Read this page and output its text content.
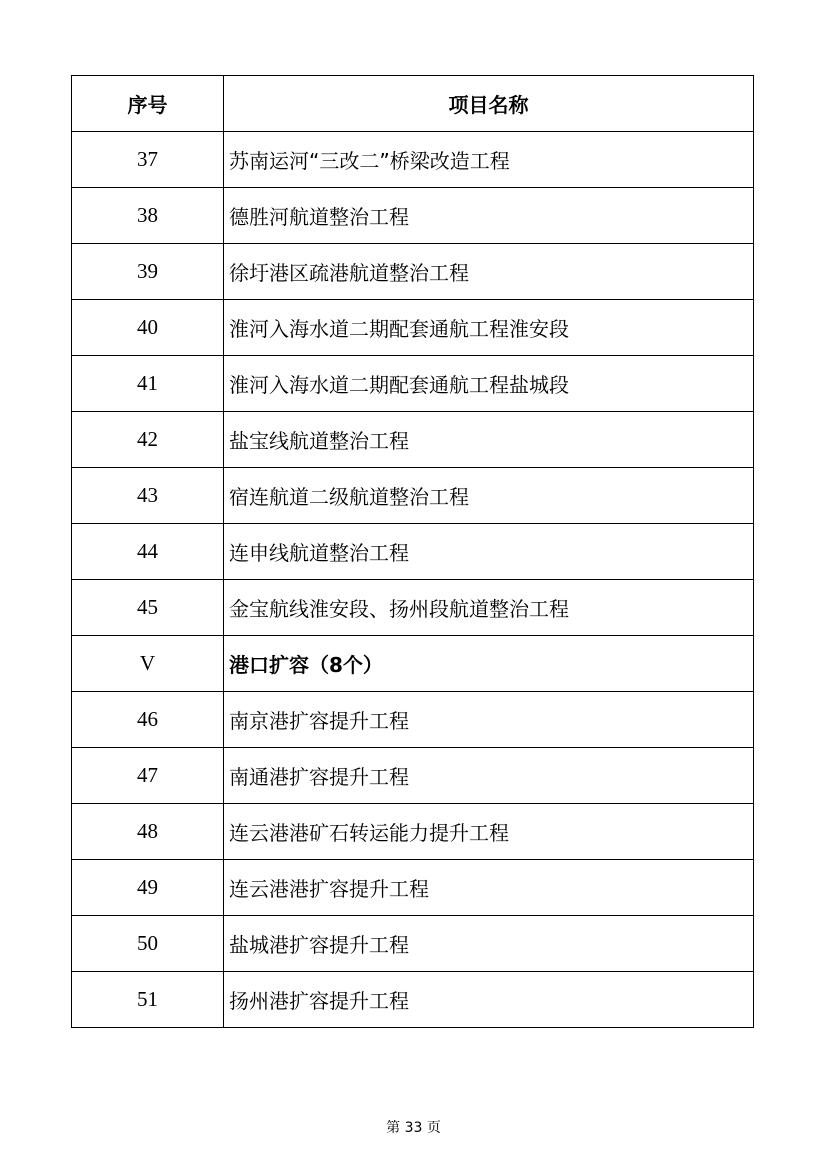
序号	项目名称
37	苏南运河“三改二”桥梁改造工程
38	德胜河航道整治工程
39	徐圩港区疏港航道整治工程
40	淮河入海水道二期配套通航工程淮安段
41	淮河入海水道二期配套通航工程盐城段
42	盐宝线航道整治工程
43	宿连航道二级航道整治工程
44	连申线航道整治工程
45	金宝航线淮安段、扬州段航道整治工程
V	港口扩容（8个）
46	南京港扩容提升工程
47	南通港扩容提升工程
48	连云港港矿石转运能力提升工程
49	连云港港扩容提升工程
50	盐城港扩容提升工程
51	扬州港扩容提升工程
第 33 页
